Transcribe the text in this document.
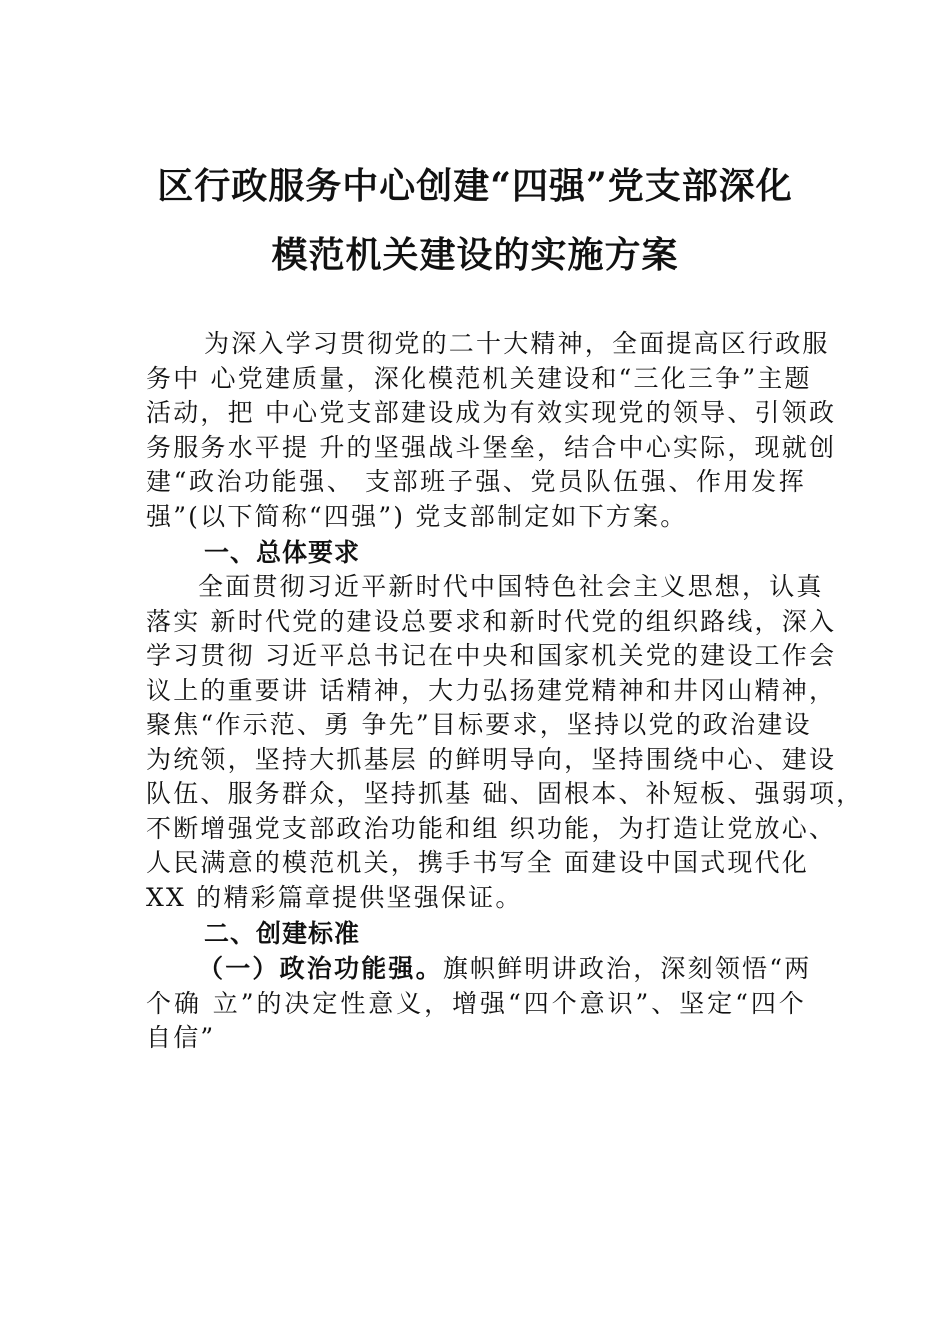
区行政服务中心创建“四强”党支部深化
模范机关建设的实施方案
为深入学习贯彻党的二十大精神，全面提高区行政服
务中 心党建质量，深化模范机关建设和“三化三争”主题
活动，把 中心党支部建设成为有效实现党的领导、引领政
务服务水平提 升的坚强战斗堡垒，结合中心实际，现就创
建“政治功能强、 支部班子强、党员队伍强、作用发挥
强”(以下简称“四强”) 党支部制定如下方案。
一、总体要求
全面贯彻习近平新时代中国特色社会主义思想，认真
落实 新时代党的建设总要求和新时代党的组织路线，深入
学习贯彻 习近平总书记在中央和国家机关党的建设工作会
议上的重要讲 话精神，大力弘扬建党精神和井冈山精神，
聚焦“作示范、勇 争先”目标要求，坚持以党的政治建设
为统领，坚持大抓基层 的鲜明导向，坚持围绕中心、建设
队伍、服务群众，坚持抓基 础、固根本、补短板、强弱项，
不断增强党支部政治功能和组 织功能，为打造让党放心、
人民满意的模范机关，携手书写全 面建设中国式现代化
XX 的精彩篇章提供坚强保证。
二、创建标准
（一）政治功能强。旗帜鲜明讲政治，深刻领悟“两
个确 立”的决定性意义，增强“四个意识”、坚定“四个
自信”
